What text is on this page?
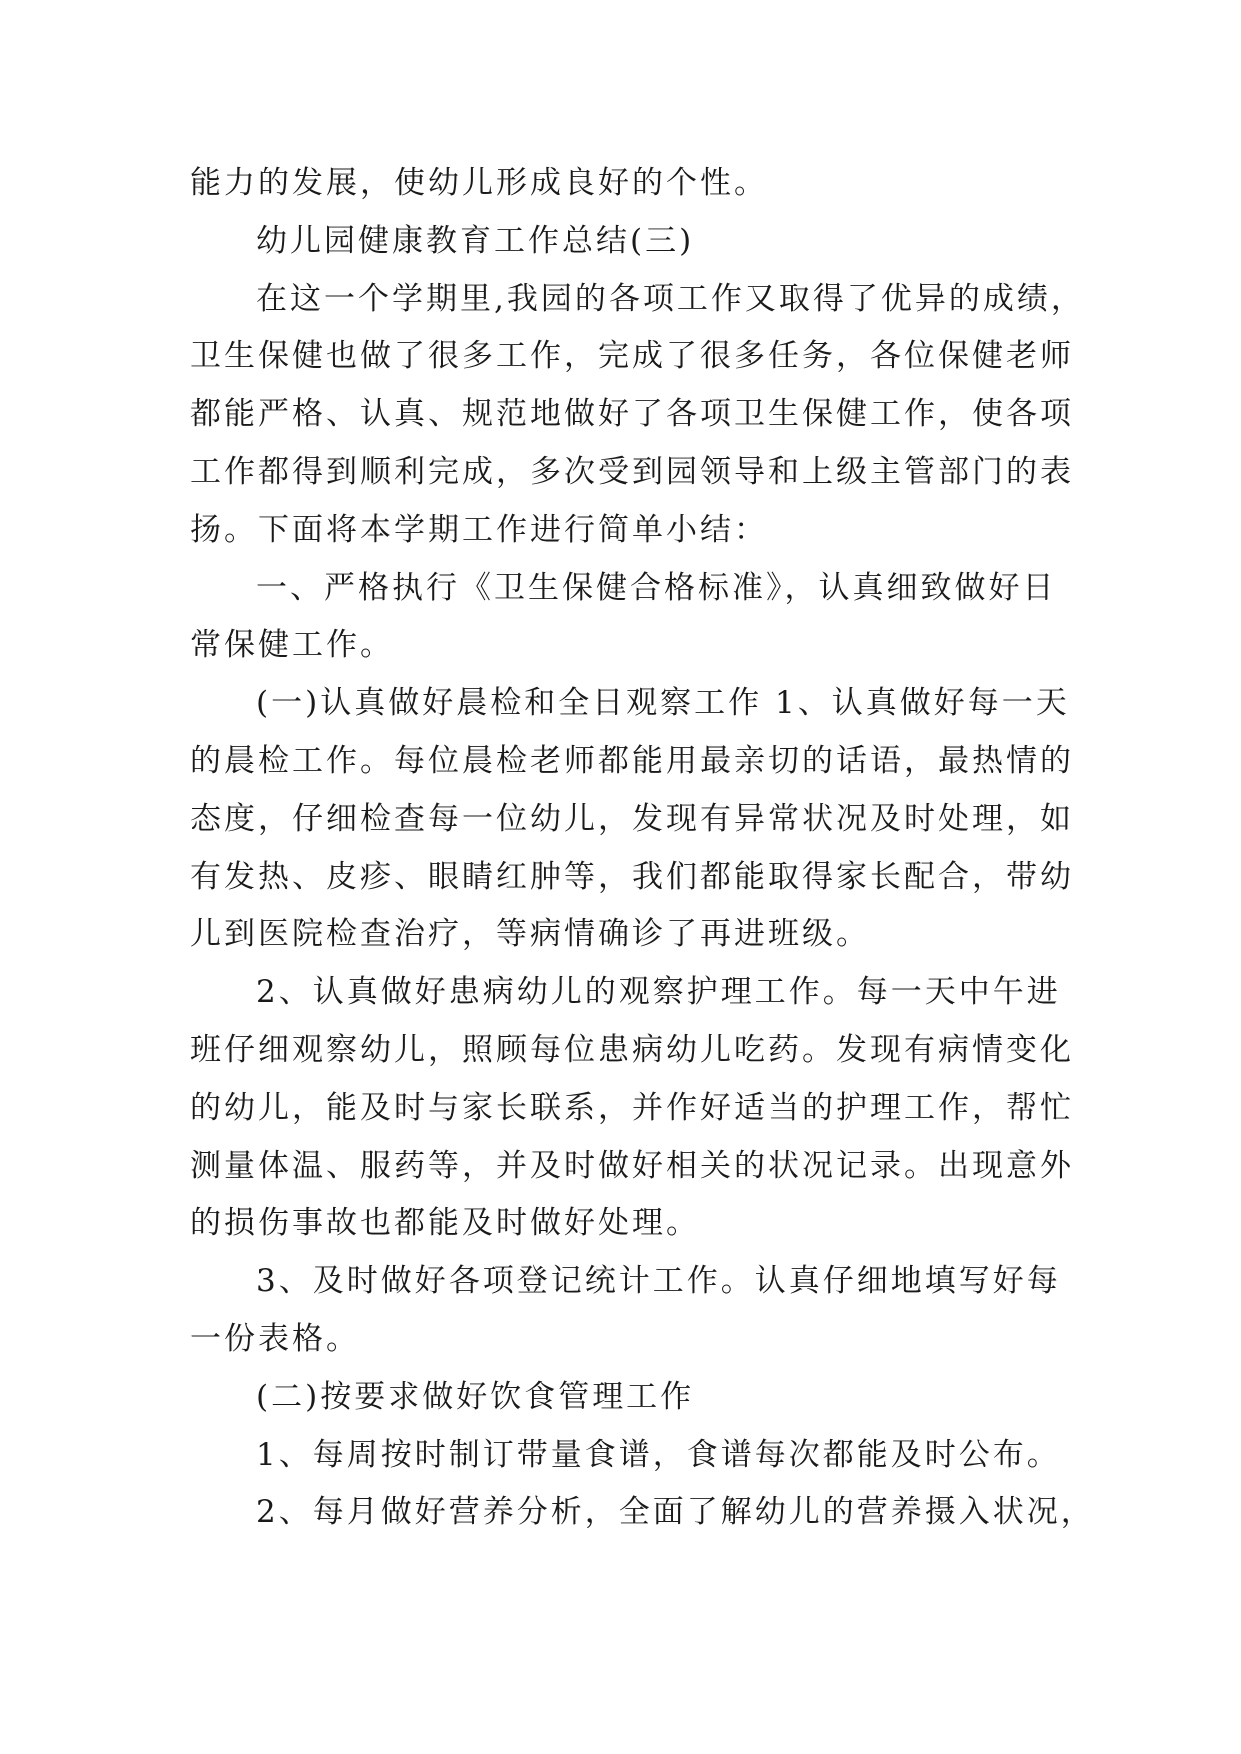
能力的发展，使幼儿形成良好的个性。
幼儿园健康教育工作总结(三)
在这一个学期里,我园的各项工作又取得了优异的成绩，
卫生保健也做了很多工作，完成了很多任务，各位保健老师
都能严格、认真、规范地做好了各项卫生保健工作，使各项
工作都得到顺利完成，多次受到园领导和上级主管部门的表
扬。下面将本学期工作进行简单小结：
一、严格执行《卫生保健合格标准》，认真细致做好日
常保健工作。
(一)认真做好晨检和全日观察工作 1、认真做好每一天
的晨检工作。每位晨检老师都能用最亲切的话语，最热情的
态度，仔细检查每一位幼儿，发现有异常状况及时处理，如
有发热、皮疹、眼睛红肿等，我们都能取得家长配合，带幼
儿到医院检查治疗，等病情确诊了再进班级。
2、认真做好患病幼儿的观察护理工作。每一天中午进
班仔细观察幼儿，照顾每位患病幼儿吃药。发现有病情变化
的幼儿，能及时与家长联系，并作好适当的护理工作，帮忙
测量体温、服药等，并及时做好相关的状况记录。出现意外
的损伤事故也都能及时做好处理。
3、及时做好各项登记统计工作。认真仔细地填写好每
一份表格。
(二)按要求做好饮食管理工作
1、每周按时制订带量食谱，食谱每次都能及时公布。
2、每月做好营养分析，全面了解幼儿的营养摄入状况，
